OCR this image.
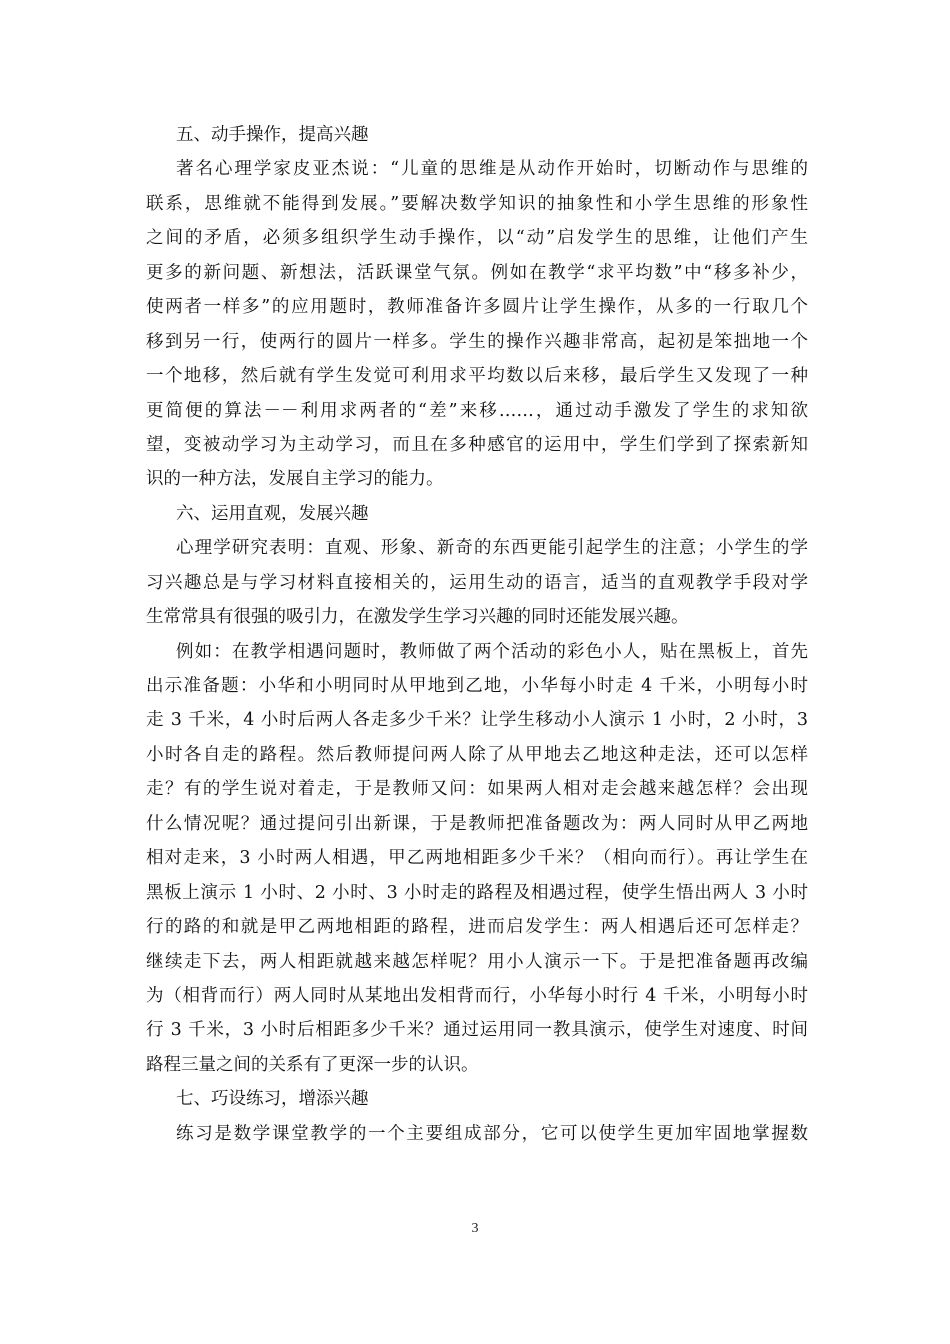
五、动手操作，提高兴趣
著名心理学家皮亚杰说：“儿童的思维是从动作开始时，切断动作与思维的
联系，思维就不能得到发展。”要解决数学知识的抽象性和小学生思维的形象性
之间的矛盾，必须多组织学生动手操作，以“动”启发学生的思维，让他们产生
更多的新问题、新想法，活跃课堂气氛。例如在教学“求平均数”中“移多补少，
使两者一样多”的应用题时，教师准备许多圆片让学生操作，从多的一行取几个
移到另一行，使两行的圆片一样多。学生的操作兴趣非常高，起初是笨拙地一个
一个地移，然后就有学生发觉可利用求平均数以后来移，最后学生又发现了一种
更简便的算法－－利用求两者的“差”来移……，通过动手激发了学生的求知欲
望，变被动学习为主动学习，而且在多种感官的运用中，学生们学到了探索新知
识的一种方法，发展自主学习的能力。
六、运用直观，发展兴趣
心理学研究表明：直观、形象、新奇的东西更能引起学生的注意；小学生的学
习兴趣总是与学习材料直接相关的，运用生动的语言，适当的直观教学手段对学
生常常具有很强的吸引力，在激发学生学习兴趣的同时还能发展兴趣。
例如：在教学相遇问题时，教师做了两个活动的彩色小人，贴在黑板上，首先
出示准备题：小华和小明同时从甲地到乙地，小华每小时走 4 千米，小明每小时
走 3 千米，4 小时后两人各走多少千米？让学生移动小人演示 1 小时，2 小时，3
小时各自走的路程。然后教师提问两人除了从甲地去乙地这种走法，还可以怎样
走？有的学生说对着走，于是教师又问：如果两人相对走会越来越怎样？会出现
什么情况呢？通过提问引出新课，于是教师把准备题改为：两人同时从甲乙两地
相对走来，3 小时两人相遇，甲乙两地相距多少千米？（相向而行）。再让学生在
黑板上演示 1 小时、2 小时、3 小时走的路程及相遇过程，使学生悟出两人 3 小时
行的路的和就是甲乙两地相距的路程，进而启发学生：两人相遇后还可怎样走？
继续走下去，两人相距就越来越怎样呢？用小人演示一下。于是把准备题再改编
为（相背而行）两人同时从某地出发相背而行，小华每小时行 4 千米，小明每小时
行 3 千米，3 小时后相距多少千米？通过运用同一教具演示，使学生对速度、时间
路程三量之间的关系有了更深一步的认识。
七、巧设练习，增添兴趣
练习是数学课堂教学的一个主要组成部分，它可以使学生更加牢固地掌握数
3
